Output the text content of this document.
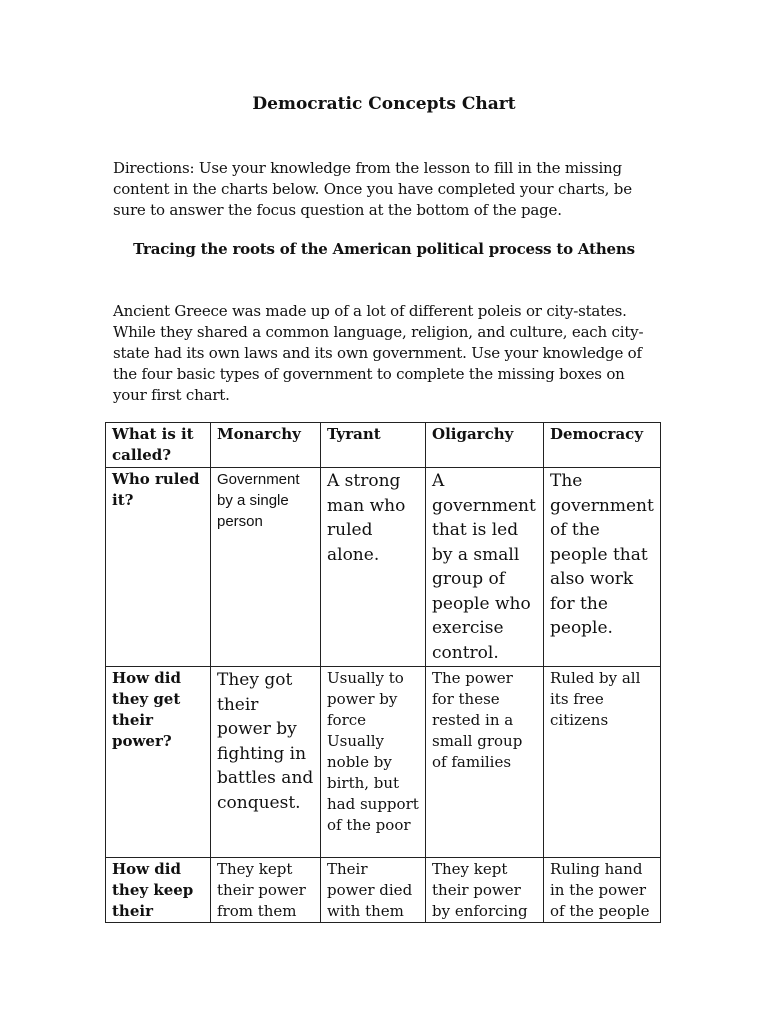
Democratic Concepts Chart
Directions: Use your knowledge from the lesson to fill in the missing content in the charts below. Once you have completed your charts, be sure to answer the focus question at the bottom of the page.
Tracing the roots of the American political process to Athens
Ancient Greece was made up of a lot of different poleis or city-states. While they shared a common language, religion, and culture, each city-state had its own laws and its own government. Use your knowledge of the four basic types of government to complete the missing boxes on your first chart.
What is it called?	Monarchy	Tyrant	Oligarchy	Democracy
Who ruled it?	Government by a single person	A strong man who ruled alone.	A government that is led by a small group of people who exercise control.	The government of the people that also work for the people.
How did they get their power?	They got their power by fighting in battles and conquest.	Usually to power by force Usually noble by birth, but had support of the poor	The power for these rested in a small group of families	Ruled by all its free citizens

How did they keep their	They kept their power from them	Their power died with them	They kept their power by enforcing	Ruling hand in the power of the people
